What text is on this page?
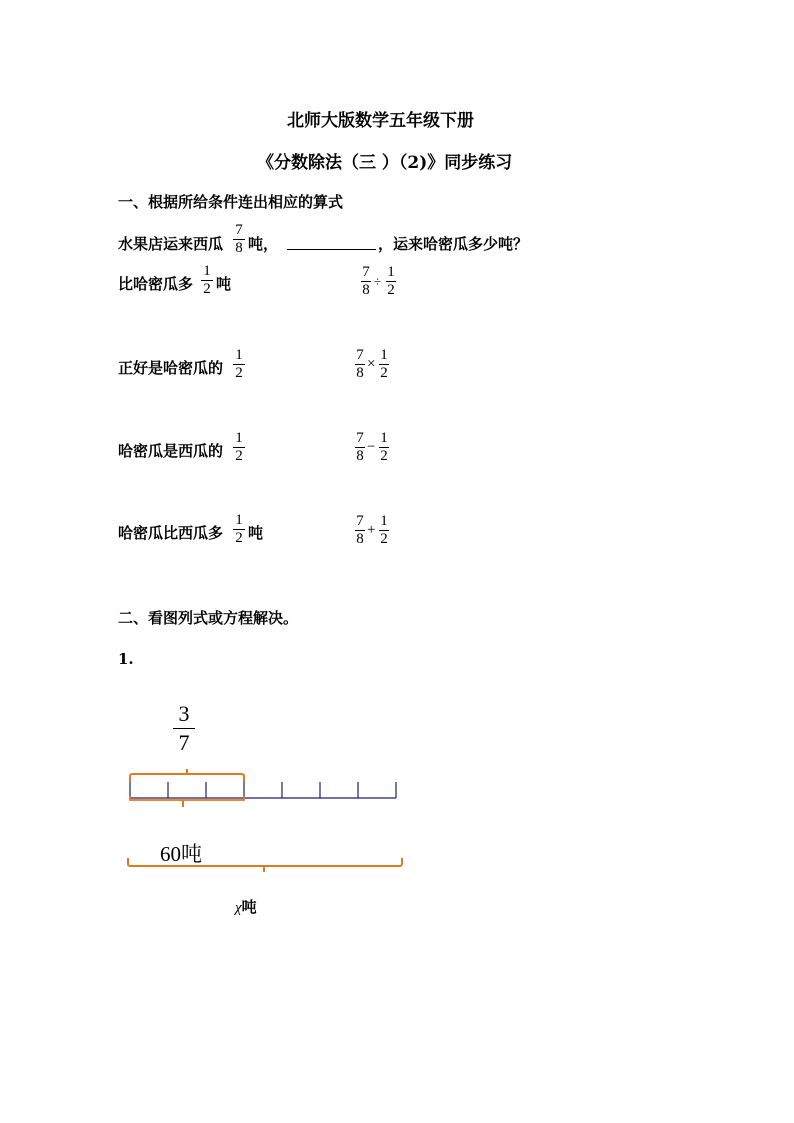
北师大版数学五年级下册
《分数除法（三 ）（2)》同步练习
一、根据所给条件连出相应的算式
水果店运来西瓜
7
8 吨，	，运来哈密瓜多少吨？
比哈密瓜多
1
2 吨
正好是哈密瓜的
1
2
哈密瓜是西瓜的
1
2
哈密瓜比西瓜多
1
2 吨
7
8
÷
1
2
7
8
×
1
2
7
8
−
1
2
7
8
+
1
2
二、看图列式或方程解决。
1.
3
7
60吨
χ吨
